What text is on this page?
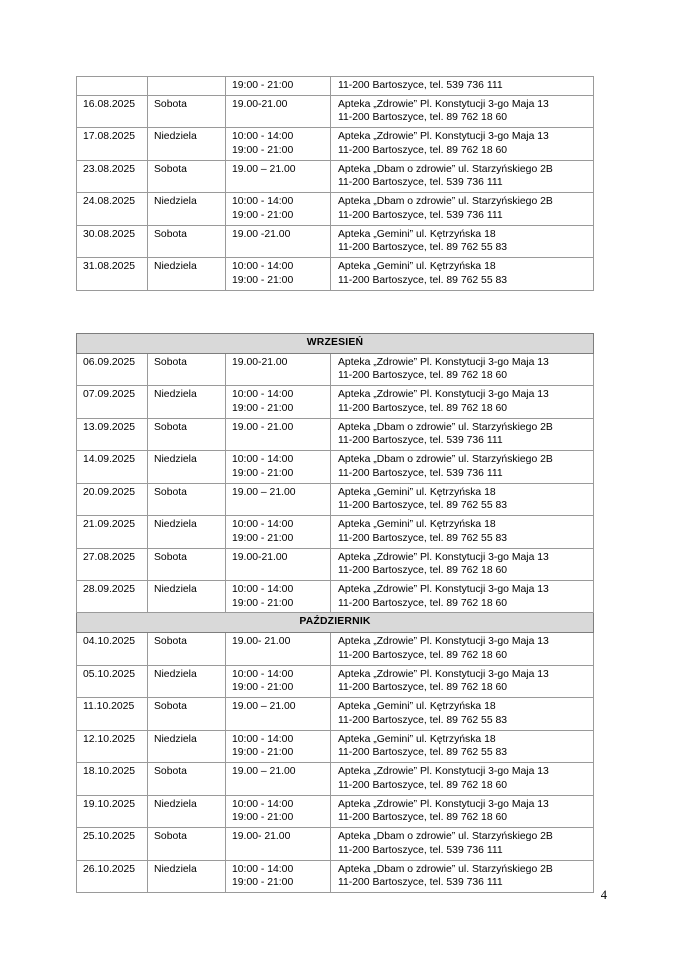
		19:00 - 21:00	11-200 Bartoszyce, tel. 539 736 111
16.08.2025	Sobota	19.00-21.00	Apteka „Zdrowie” Pl. Konstytucji 3-go Maja 13
11-200 Bartoszyce, tel. 89 762 18 60

17.08.2025	Niedziela	10:00 - 14:00
19:00 - 21:00	Apteka „Zdrowie” Pl. Konstytucji 3-go Maja 13
11-200 Bartoszyce, tel. 89 762 18 60

23.08.2025	Sobota	19.00 – 21.00	Apteka „Dbam o zdrowie” ul. Starzyńskiego 2B
11-200 Bartoszyce, tel. 539 736 111

24.08.2025	Niedziela	10:00 - 14:00
19:00 - 21:00	Apteka „Dbam o zdrowie” ul. Starzyńskiego 2B
11-200 Bartoszyce, tel. 539 736 111

30.08.2025	Sobota	19.00 -21.00	Apteka „Gemini” ul. Kętrzyńska 18
11-200 Bartoszyce, tel. 89 762 55 83

31.08.2025	Niedziela	10:00 - 14:00
19:00 - 21:00	Apteka „Gemini” ul. Kętrzyńska 18
11-200 Bartoszyce, tel. 89 762 55 83
WRZESIEŃ			
06.09.2025	Sobota	19.00-21.00	Apteka „Zdrowie” Pl. Konstytucji 3-go Maja 13
11-200 Bartoszyce, tel. 89 762 18 60

07.09.2025	Niedziela	10:00 - 14:00
19:00 - 21:00	Apteka „Zdrowie” Pl. Konstytucji 3-go Maja 13
11-200 Bartoszyce, tel. 89 762 18 60

13.09.2025	Sobota	19.00 - 21.00	Apteka „Dbam o zdrowie” ul. Starzyńskiego 2B
11-200 Bartoszyce, tel. 539 736 111

14.09.2025	Niedziela	10:00 - 14:00
19:00 - 21:00	Apteka „Dbam o zdrowie” ul. Starzyńskiego 2B
11-200 Bartoszyce, tel. 539 736 111

20.09.2025	Sobota	19.00 – 21.00	Apteka „Gemini” ul. Kętrzyńska 18
11-200 Bartoszyce, tel. 89 762 55 83

21.09.2025	Niedziela	10:00 - 14:00
19:00 - 21:00	Apteka „Gemini” ul. Kętrzyńska 18
11-200 Bartoszyce, tel. 89 762 55 83

27.08.2025	Sobota	19.00-21.00	Apteka „Zdrowie” Pl. Konstytucji 3-go Maja 13
11-200 Bartoszyce, tel. 89 762 18 60

28.09.2025	Niedziela	10:00 - 14:00
19:00 - 21:00	Apteka „Zdrowie” Pl. Konstytucji 3-go Maja 13
11-200 Bartoszyce, tel. 89 762 18 60

PAŹDZIERNIK			
04.10.2025	Sobota	19.00- 21.00	Apteka „Zdrowie” Pl. Konstytucji 3-go Maja 13
11-200 Bartoszyce, tel. 89 762 18 60

05.10.2025	Niedziela	10:00 - 14:00
19:00 - 21:00	Apteka „Zdrowie” Pl. Konstytucji 3-go Maja 13
11-200 Bartoszyce, tel. 89 762 18 60

11.10.2025	Sobota	19.00 – 21.00	Apteka „Gemini” ul. Kętrzyńska 18
11-200 Bartoszyce, tel. 89 762 55 83

12.10.2025	Niedziela	10:00 - 14:00
19:00 - 21:00	Apteka „Gemini” ul. Kętrzyńska 18
11-200 Bartoszyce, tel. 89 762 55 83

18.10.2025	Sobota	19.00 – 21.00	Apteka „Zdrowie” Pl. Konstytucji 3-go Maja 13
11-200 Bartoszyce, tel. 89 762 18 60

19.10.2025	Niedziela	10:00 - 14:00
19:00 - 21:00	Apteka „Zdrowie” Pl. Konstytucji 3-go Maja 13
11-200 Bartoszyce, tel. 89 762 18 60

25.10.2025	Sobota	19.00- 21.00	Apteka „Dbam o zdrowie” ul. Starzyńskiego 2B
11-200 Bartoszyce, tel. 539 736 111

26.10.2025	Niedziela	10:00 - 14:00
19:00 - 21:00	Apteka „Dbam o zdrowie” ul. Starzyńskiego 2B
11-200 Bartoszyce, tel. 539 736 111
4
